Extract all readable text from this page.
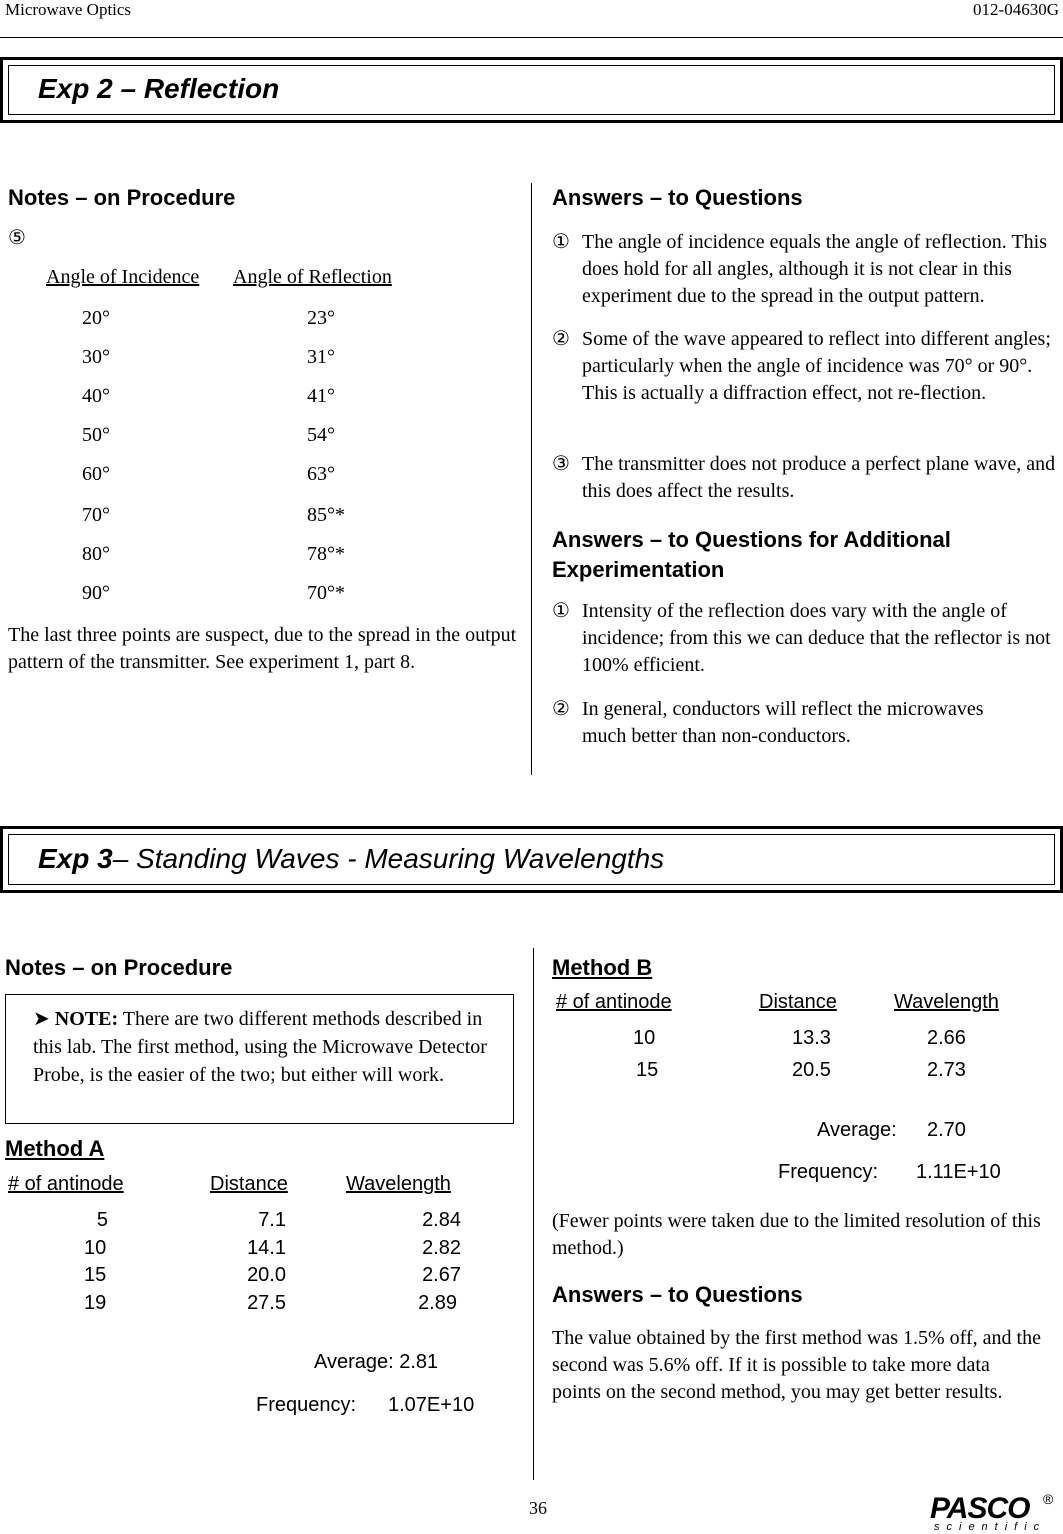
Microwave Optics	012-04630G
Exp 2 – Reflection
Notes – on Procedure
⑤
Angle of Incidence Angle of Reflection
20°	23°
30°	31°
40°	41°
50°	54°
60°	63°
70°	85°*
80°	78°*
90°	70°*
The last three points are suspect, due to the spread in the output pattern of the transmitter. See experiment 1, part 8.
Answers – to Questions
① The angle of incidence equals the angle of reflection. This does hold for all angles, although it is not clear in this experiment due to the spread in the output pattern.
② Some of the wave appeared to reflect into different angles; particularly when the angle of incidence was 70° or 90°. This is actually a diffraction effect, not re-flection.
③ The transmitter does not produce a perfect plane wave, and this does affect the results.
Answers – to Questions for Additional Experimentation
① Intensity of the reflection does vary with the angle of incidence; from this we can deduce that the reflector is not 100% efficient.
② In general, conductors will reflect the microwaves much better than non-conductors.
Exp 3– Standing Waves - Measuring Wavelengths
Notes – on Procedure
➤ NOTE: There are two different methods described in this lab. The first method, using the Microwave Detector Probe, is the easier of the two; but either will work.
Method A
# of antinode	Distance	Wavelength
5	7.1	2.84
10	14.1	2.82
15	20.0	2.67
19	27.5	2.89
Average: 2.81
Frequency: 1.07E+10
Method B
# of antinode	Distance	Wavelength
10	13.3	2.66
15	20.5	2.73
Average: 2.70
Frequency: 1.11E+10
(Fewer points were taken due to the limited resolution of this method.)
Answers – to Questions
The value obtained by the first method was 1.5% off, and the second was 5.6% off. If it is possible to take more data points on the second method, you may get better results.
36	PASCO ®
scientific
